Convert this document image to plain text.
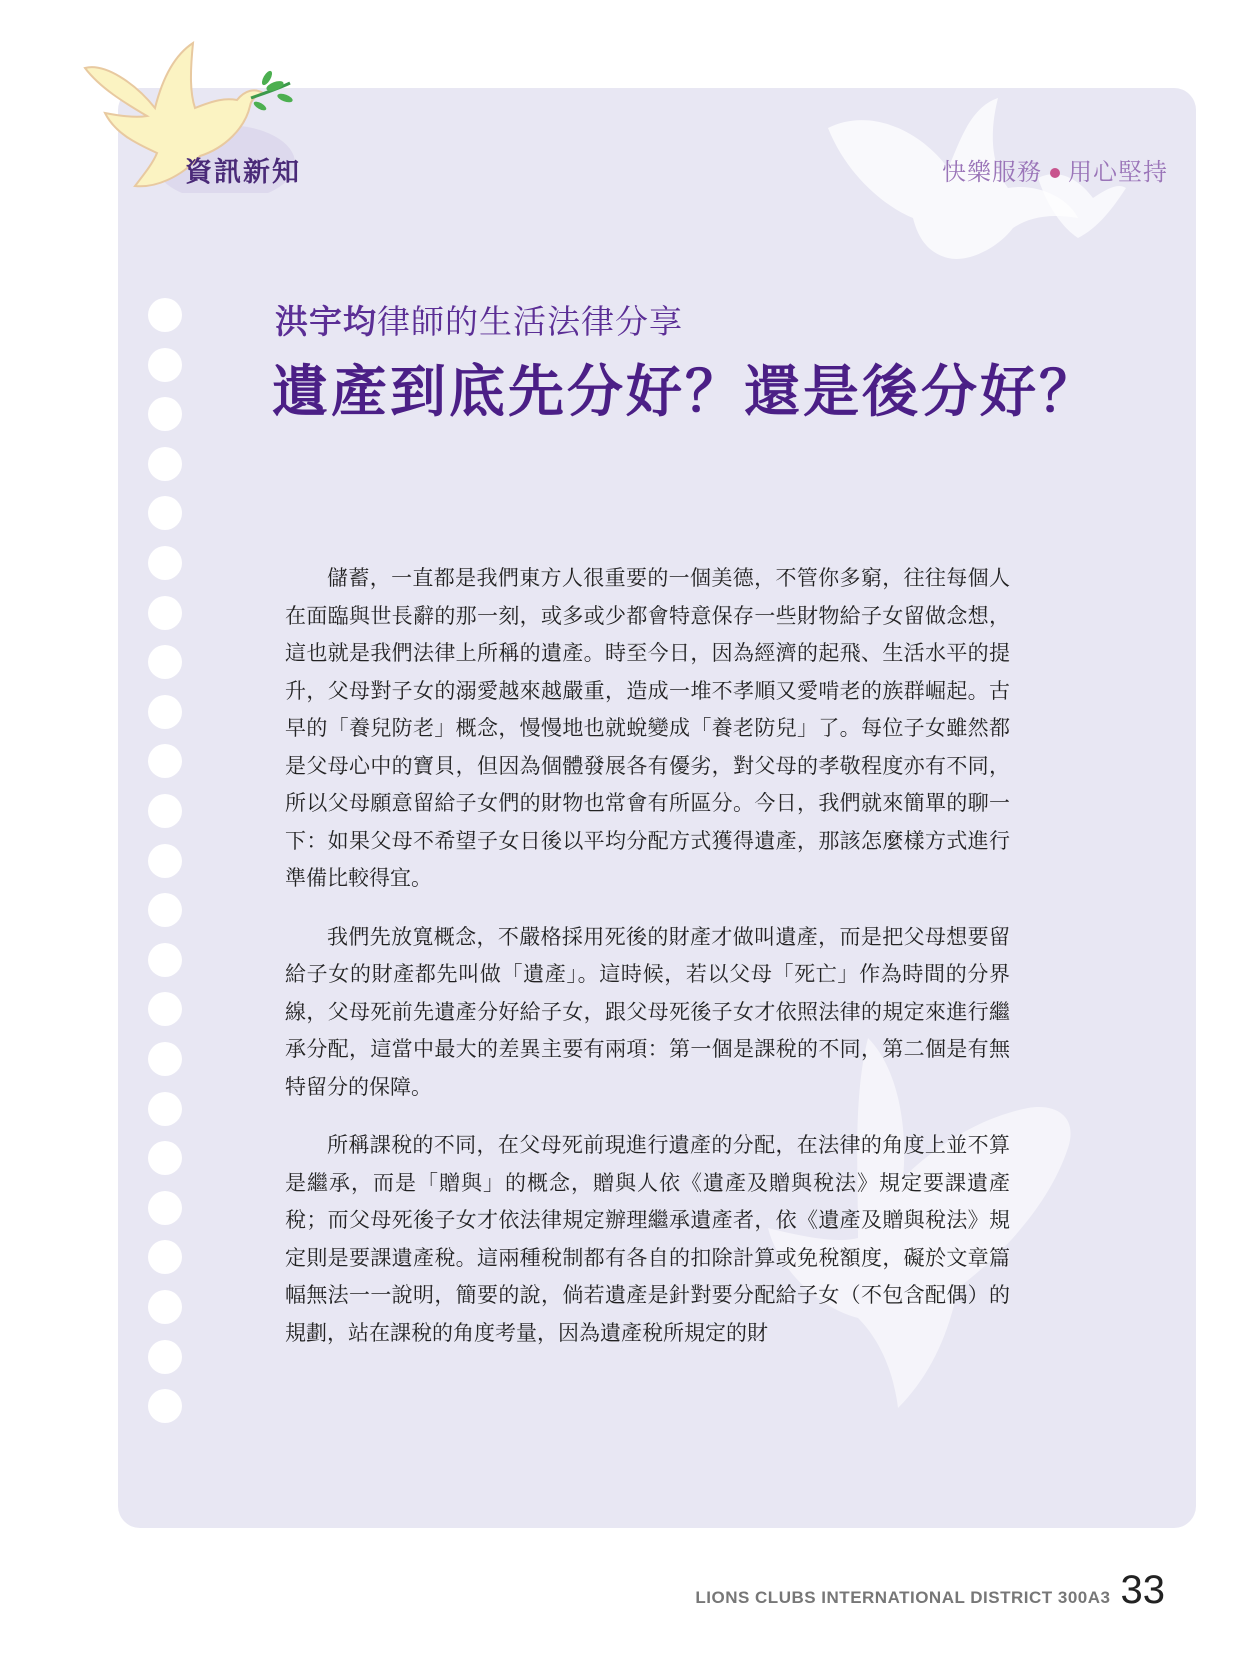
資訊新知	快樂服務 用心堅持
洪宇均律師的生活法律分享
遺產到底先分好？還是後分好？

儲蓄，一直都是我們東方人很重要的一個美德，不管你多窮，往往每個人在面臨與世長辭的那一刻，或多或少都會特意保存一些財物給子女留做念想，這也就是我們法律上所稱的遺產。時至今日，因為經濟的起飛、生活水平的提升，父母對子女的溺愛越來越嚴重，造成一堆不孝順又愛啃老的族群崛起。古早的「養兒防老」概念，慢慢地也就蛻變成「養老防兒」了。每位子女雖然都是父母心中的寶貝，但因為個體發展各有優劣，對父母的孝敬程度亦有不同，所以父母願意留給子女們的財物也常會有所區分。今日，我們就來簡單的聊一下：如果父母不希望子女日後以平均分配方式獲得遺產，那該怎麼樣方式進行準備比較得宜。

我們先放寬概念，不嚴格採用死後的財產才做叫遺產，而是把父母想要留給子女的財產都先叫做「遺產」。這時候，若以父母「死亡」作為時間的分界線，父母死前先遺產分好給子女，跟父母死後子女才依照法律的規定來進行繼承分配，這當中最大的差異主要有兩項：第一個是課稅的不同，第二個是有無特留分的保障。

所稱課稅的不同，在父母死前現進行遺產的分配，在法律的角度上並不算是繼承，而是「贈與」的概念，贈與人依《遺產及贈與稅法》規定要課遺產稅；而父母死後子女才依法律規定辦理繼承遺產者，依《遺產及贈與稅法》規定則是要課遺產稅。這兩種稅制都有各自的扣除計算或免稅額度，礙於文章篇幅無法一一說明，簡要的說，倘若遺產是針對要分配給子女（不包含配偶）的規劃，站在課稅的角度考量，因為遺產稅所規定的財

LIONS CLUBS INTERNATIONAL DISTRICT 300A3 33
